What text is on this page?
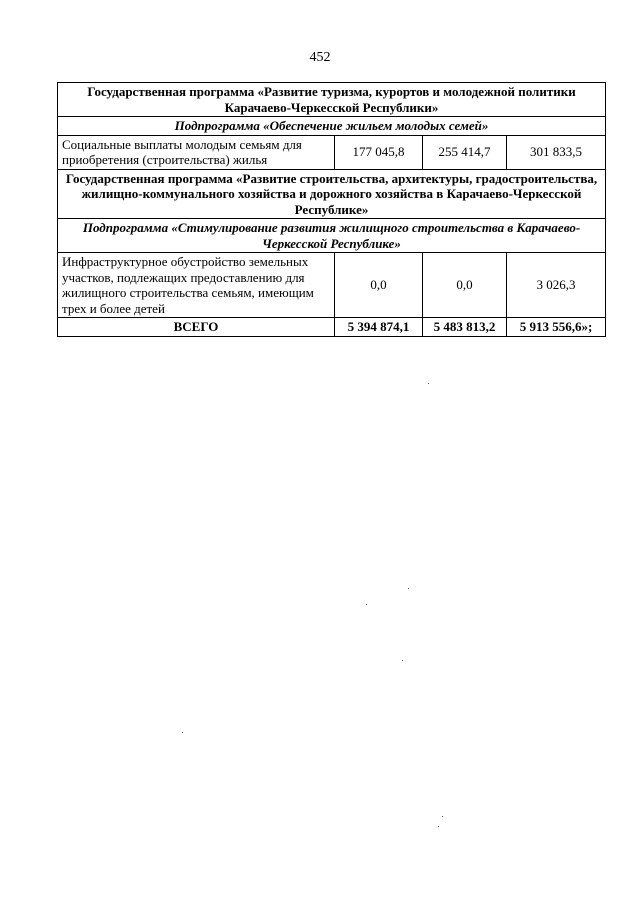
452
Государственная программа «Развитие туризма, курортов и молодежной политики Карачаево-Черкесской Республики»			
Подпрограмма «Обеспечение жильем молодых семей»			
Социальные выплаты молодым семьям для приобретения (строительства) жилья	177 045,8	255 414,7	301 833,5
Государственная программа «Развитие строительства, архитектуры, градостроительства, жилищно-коммунального хозяйства и дорожного хозяйства в Карачаево-Черкесской Республике»			
Подпрограмма «Стимулирование развития жилищного строительства в Карачаево-Черкесской Республике»			
Инфраструктурное обустройство земельных участков, подлежащих предоставлению для жилищного строительства семьям, имеющим трех и более детей	0,0	0,0	3 026,3
ВСЕГО	5 394 874,1	5 483 813,2	5 913 556,6»;
